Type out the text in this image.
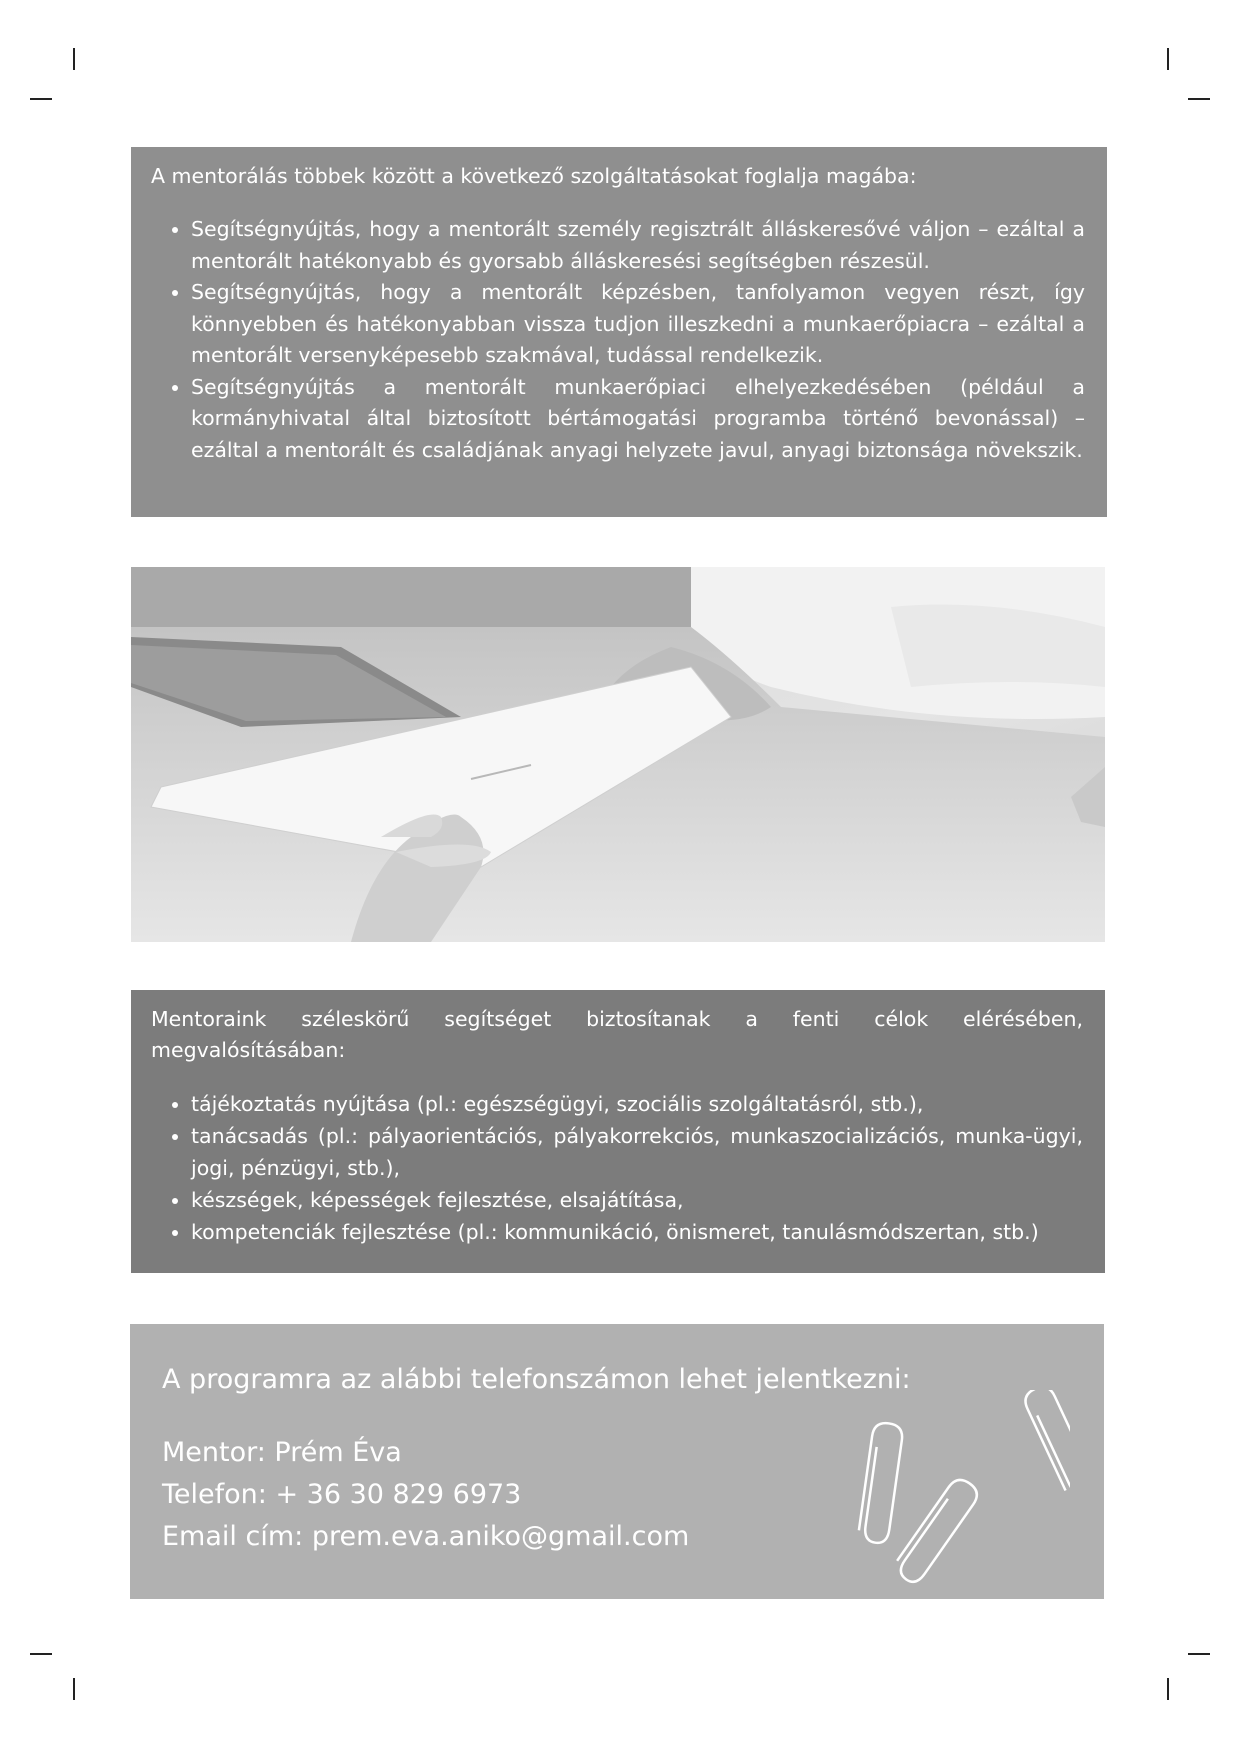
A mentorálás többek között a következő szolgáltatásokat foglalja magába:

• Segítségnyújtás, hogy a mentorált személy regisztrált álláskeresővé váljon – ezáltal a mentorált hatékonyabb és gyorsabb álláskeresési segítségben részesül.
• Segítségnyújtás, hogy a mentorált képzésben, tanfolyamon vegyen részt, így könnyebben és hatékonyabban vissza tudjon illeszkedni a munkaerőpiacra – ezáltal a mentorált versenyképesebb szakmával, tudással rendelkezik.
• Segítségnyújtás a mentorált munkaerőpiaci elhelyezkedésében (például a kormányhivatal által biztosított bértámogatási programba történő bevonással) – ezáltal a mentorált és családjának anyagi helyzete javul, anyagi biztonsága növekszik.

Mentoraink széleskörű segítséget biztosítanak a fenti célok elérésében,

megvalósításában:

• tájékoztatás nyújtása (pl.: egészségügyi, szociális szolgáltatásról, stb.),
• tanácsadás (pl.: pályaorientációs, pályakorrekciós, munkaszocializációs, munka-ügyi, jogi, pénzügyi, stb.),
• készségek, képességek fejlesztése, elsajátítása,
• kompetenciák fejlesztése (pl.: kommunikáció, önismeret, tanulásmódszertan, stb.)

A programra az alábbi telefonszámon lehet jelentkezni:

Mentor: Prém Éva

Telefon: + 36 30 829 6973

Email cím: prem.eva.aniko@gmail.com
